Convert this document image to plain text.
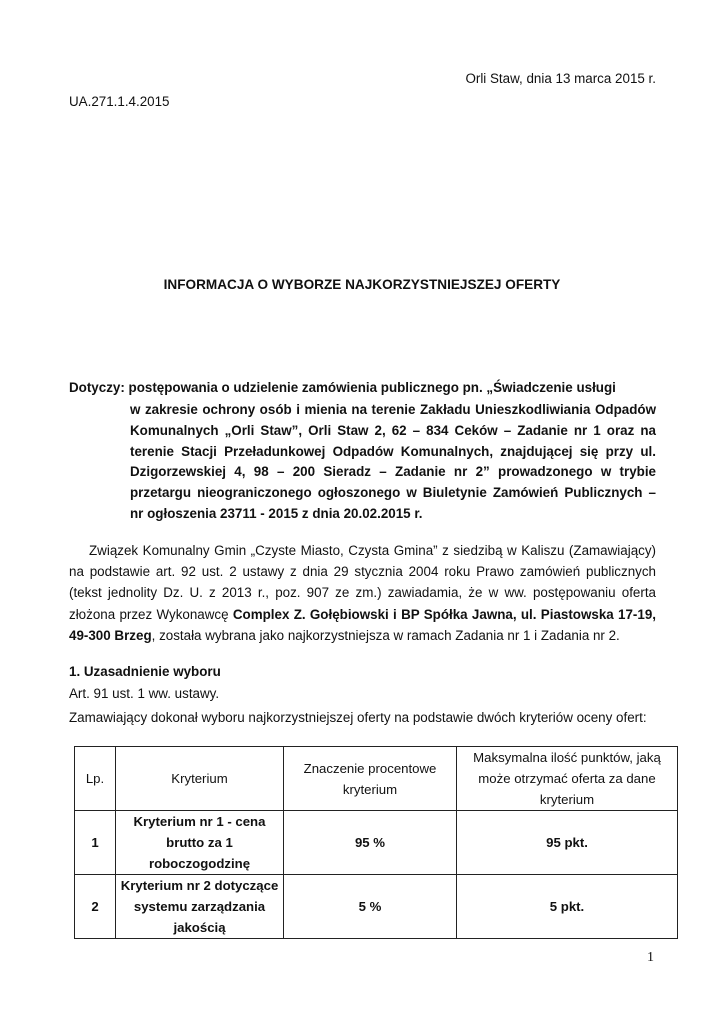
Orli Staw, dnia 13 marca 2015 r.
UA.271.1.4.2015
INFORMACJA O WYBORZE NAJKORZYSTNIEJSZEJ OFERTY
Dotyczy: postępowania o udzielenie zamówienia publicznego pn. „Świadczenie usługi
w zakresie ochrony osób i mienia na terenie Zakładu Unieszkodliwiania Odpadów Komunalnych „Orli Staw”, Orli Staw 2, 62 – 834 Ceków – Zadanie nr 1 oraz na terenie Stacji Przeładunkowej Odpadów Komunalnych, znajdującej się przy ul. Dzigorzewskiej 4, 98 – 200 Sieradz – Zadanie nr 2” prowadzonego w trybie przetargu nieograniczonego ogłoszonego w Biuletynie Zamówień Publicznych – nr ogłoszenia 23711 - 2015 z dnia 20.02.2015 r.
Związek Komunalny Gmin „Czyste Miasto, Czysta Gmina” z siedzibą w Kaliszu (Zamawiający) na podstawie art. 92 ust. 2 ustawy z dnia 29 stycznia 2004 roku Prawo zamówień publicznych (tekst jednolity Dz. U. z 2013 r., poz. 907 ze zm.) zawiadamia, że w ww. postępowaniu oferta złożona przez Wykonawcę Complex Z. Gołębiowski i BP Spółka Jawna, ul. Piastowska 17-19, 49-300 Brzeg, została wybrana jako najkorzystniejsza w ramach Zadania nr 1 i Zadania nr 2.
1. Uzasadnienie wyboru
Art. 91 ust. 1 ww. ustawy.
Zamawiający dokonał wyboru najkorzystniejszej oferty na podstawie dwóch kryteriów oceny ofert:
Lp.	Kryterium	Znaczenie procentowe kryterium	Maksymalna ilość punktów, jaką może otrzymać oferta za dane kryterium
1	Kryterium nr 1 - cena brutto za 1 roboczogodzinę	95 %	95 pkt.
2	Kryterium nr 2 dotyczące systemu zarządzania jakością	5 %	5 pkt.
1
